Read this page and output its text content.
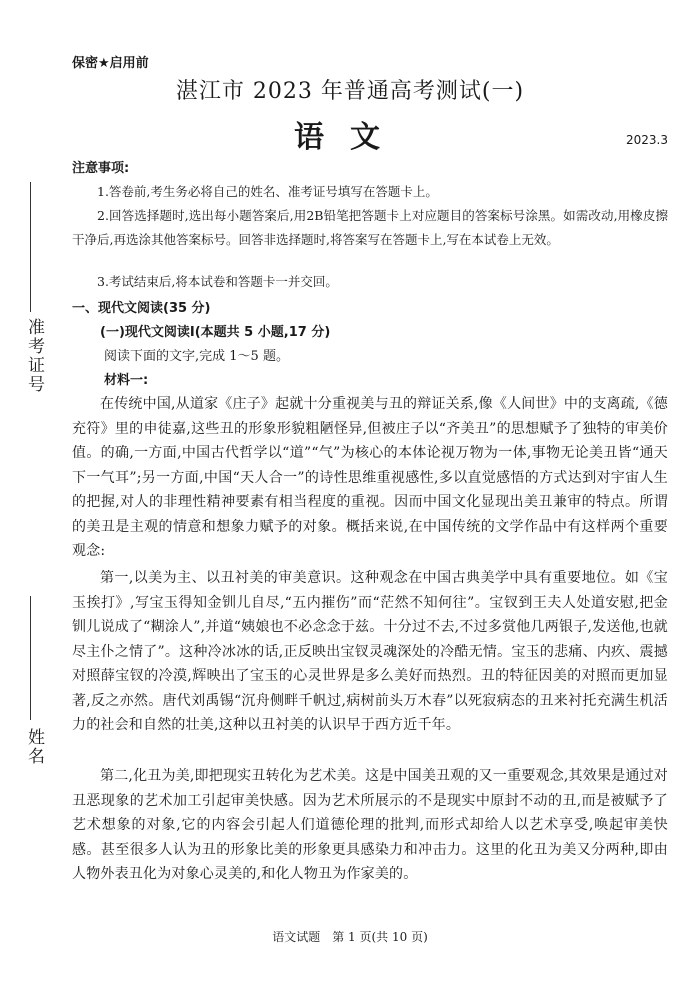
准考证号
姓名
保密★启用前
湛江市 2023 年普通高考测试(一)
语文	2023.3
注意事项:
1.答卷前,考生务必将自己的姓名、准考证号填写在答题卡上。
2.回答选择题时,选出每小题答案后,用2B铅笔把答题卡上对应题目的答案标号涂黑。如需改动,用橡皮擦干净后,再选涂其他答案标号。回答非选择题时,将答案写在答题卡上,写在本试卷上无效。
3.考试结束后,将本试卷和答题卡一并交回。
一、现代文阅读(35 分)
(一)现代文阅读Ⅰ(本题共 5 小题,17 分)
阅读下面的文字,完成 1～5 题。
材料一:
在传统中国,从道家《庄子》起就十分重视美与丑的辩证关系,像《人间世》中的支离疏,《德充符》里的申徒嘉,这些丑的形象形貌粗陋怪异,但被庄子以“齐美丑”的思想赋予了独特的审美价值。的确,一方面,中国古代哲学以“道”“气”为核心的本体论视万物为一体,事物无论美丑皆“通天下一气耳”;另一方面,中国“天人合一”的诗性思维重视感性,多以直觉感悟的方式达到对宇宙人生的把握,对人的非理性精神要素有相当程度的重视。因而中国文化显现出美丑兼审的特点。所谓的美丑是主观的情意和想象力赋予的对象。概括来说,在中国传统的文学作品中有这样两个重要观念:
第一,以美为主、以丑衬美的审美意识。这种观念在中国古典美学中具有重要地位。如《宝玉挨打》,写宝玉得知金钏儿自尽,“五内摧伤”而“茫然不知何往”。宝钗到王夫人处道安慰,把金钏儿说成了“糊涂人”,并道“姨娘也不必念念于兹。十分过不去,不过多赏他几两银子,发送他,也就尽主仆之情了”。这种冷冰冰的话,正反映出宝钗灵魂深处的冷酷无情。宝玉的悲痛、内疚、震撼对照薛宝钗的冷漠,辉映出了宝玉的心灵世界是多么美好而热烈。丑的特征因美的对照而更加显著,反之亦然。唐代刘禹锡“沉舟侧畔千帆过,病树前头万木春”以死寂病态的丑来衬托充满生机活力的社会和自然的壮美,这种以丑衬美的认识早于西方近千年。
第二,化丑为美,即把现实丑转化为艺术美。这是中国美丑观的又一重要观念,其效果是通过对丑恶现象的艺术加工引起审美快感。因为艺术所展示的不是现实中原封不动的丑,而是被赋予了艺术想象的对象,它的内容会引起人们道德伦理的批判,而形式却给人以艺术享受,唤起审美快感。甚至很多人认为丑的形象比美的形象更具感染力和冲击力。这里的化丑为美又分两种,即由人物外表丑化为对象心灵美的,和化人物丑为作家美的。
语文试题　第 1 页(共 10 页)
